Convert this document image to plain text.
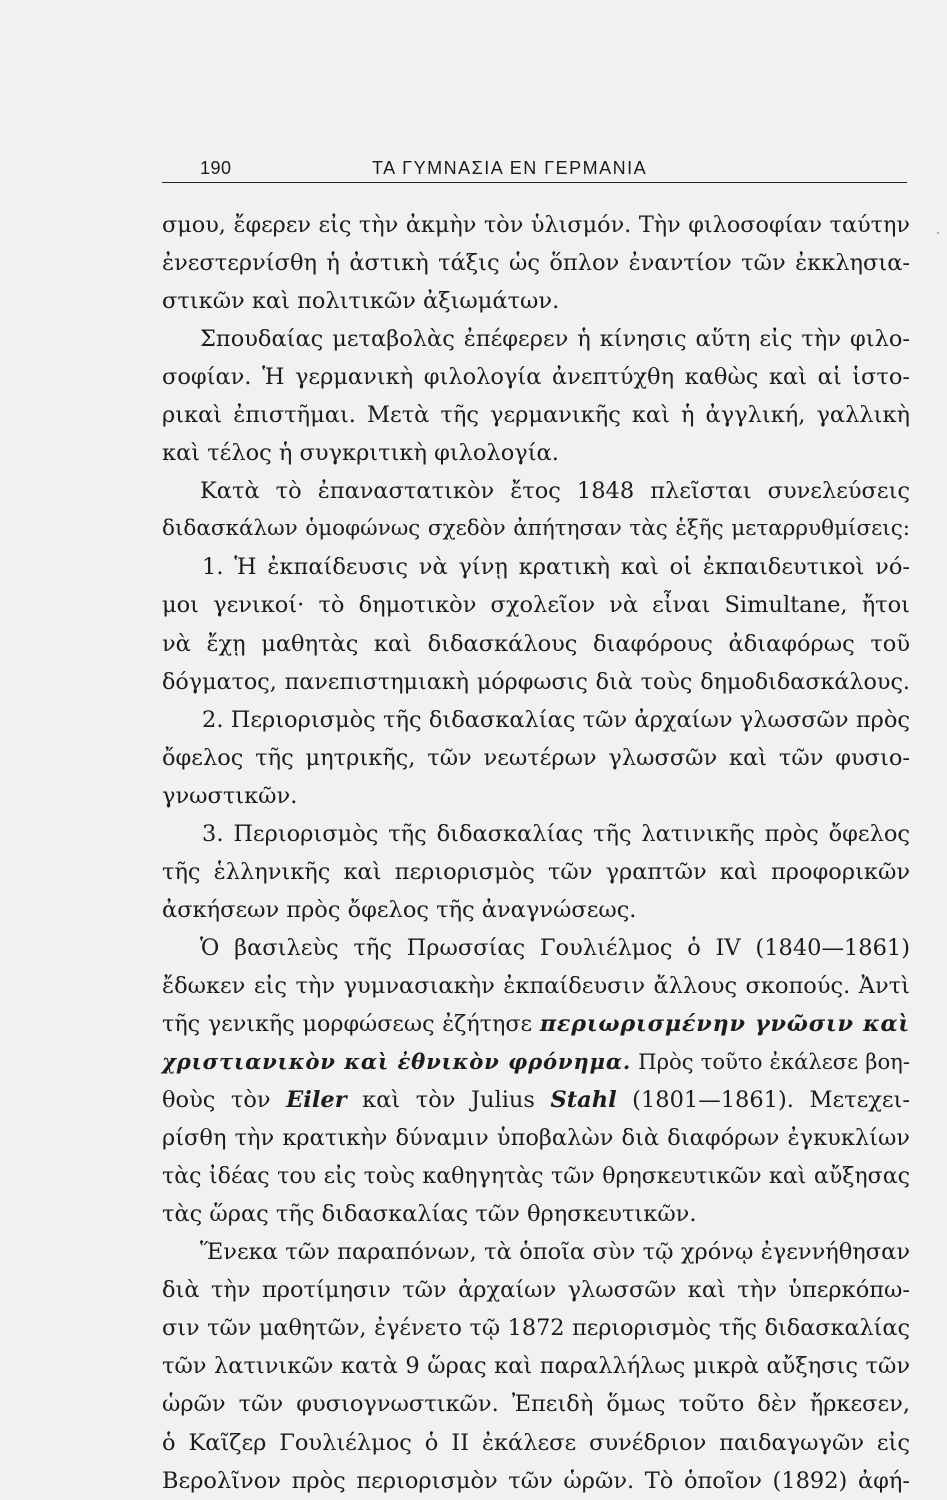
190	ΤΑ ΓΥΜΝΑΣΙΑ ΕΝ ΓΕΡΜΑΝΙΑ
σμου, ἔφερεν εἰς τὴν ἀκμὴν τὸν ὑλισμόν. Τὴν φιλοσοφίαν ταύτην
ἐνεστερνίσθη ἡ ἀστικὴ τάξις ὡς ὅπλον ἐναντίον τῶν ἐκκλησια-
στικῶν καὶ πολιτικῶν ἀξιωμάτων.
Σπουδαίας μεταβολὰς ἐπέφερεν ἡ κίνησις αὕτη εἰς τὴν φιλο-
σοφίαν. Ἡ γερμανικὴ φιλολογία ἀνεπτύχθη καθὼς καὶ αἱ ἱστο-
ρικαὶ ἐπιστῆμαι. Μετὰ τῆς γερμανικῆς καὶ ἡ ἀγγλική, γαλλικὴ
καὶ τέλος ἡ συγκριτικὴ φιλολογία.
Κατὰ τὸ ἐπαναστατικὸν ἔτος 1848 πλεῖσται συνελεύσεις
διδασκάλων ὁμοφώνως σχεδὸν ἀπήτησαν τὰς ἑξῆς μεταρρυθμίσεις:
1. Ἡ ἐκπαίδευσις νὰ γίνῃ κρατικὴ καὶ οἱ ἐκπαιδευτικοὶ νό-
μοι γενικοί· τὸ δημοτικὸν σχολεῖον νὰ εἶναι Simultane, ἤτοι
νὰ ἔχῃ μαθητὰς καὶ διδασκάλους διαφόρους ἀδιαφόρως τοῦ
δόγματος, πανεπιστημιακὴ μόρφωσις διὰ τοὺς δημοδιδασκάλους.
2. Περιορισμὸς τῆς διδασκαλίας τῶν ἀρχαίων γλωσσῶν πρὸς
ὄφελος τῆς μητρικῆς, τῶν νεωτέρων γλωσσῶν καὶ τῶν φυσιο-
γνωστικῶν.
3. Περιορισμὸς τῆς διδασκαλίας τῆς λατινικῆς πρὸς ὄφελος
τῆς ἑλληνικῆς καὶ περιορισμὸς τῶν γραπτῶν καὶ προφορικῶν
ἀσκήσεων πρὸς ὄφελος τῆς ἀναγνώσεως.
Ὁ βασιλεὺς τῆς Πρωσσίας Γουλιέλμος ὁ IV (1840—1861)
ἔδωκεν εἰς τὴν γυμνασιακὴν ἐκπαίδευσιν ἄλλους σκοπούς. Ἀντὶ
τῆς γενικῆς μορφώσεως ἐζήτησε περιωρισμένην γνῶσιν καὶ
χριστιανικὸν καὶ ἐθνικὸν φρόνημα. Πρὸς τοῦτο ἐκάλεσε βοη-
θοὺς τὸν Eiler καὶ τὸν Julius Stahl (1801—1861). Μετεχει-
ρίσθη τὴν κρατικὴν δύναμιν ὑποβαλὼν διὰ διαφόρων ἐγκυκλίων
τὰς ἰδέας του εἰς τοὺς καθηγητὰς τῶν θρησκευτικῶν καὶ αὔξησας
τὰς ὥρας τῆς διδασκαλίας τῶν θρησκευτικῶν.
Ἕνεκα τῶν παραπόνων, τὰ ὁποῖα σὺν τῷ χρόνῳ ἐγεννήθησαν
διὰ τὴν προτίμησιν τῶν ἀρχαίων γλωσσῶν καὶ τὴν ὑπερκόπω-
σιν τῶν μαθητῶν, ἐγένετο τῷ 1872 περιορισμὸς τῆς διδασκαλίας
τῶν λατινικῶν κατὰ 9 ὥρας καὶ παραλλήλως μικρὰ αὔξησις τῶν
ὡρῶν τῶν φυσιογνωστικῶν. Ἐπειδὴ ὅμως τοῦτο δὲν ἤρκεσεν,
ὁ Καῖζερ Γουλιέλμος ὁ II ἐκάλεσε συνέδριον παιδαγωγῶν εἰς
Βερολῖνον πρὸς περιορισμὸν τῶν ὡρῶν. Τὸ ὁποῖον (1892) ἀφή-
